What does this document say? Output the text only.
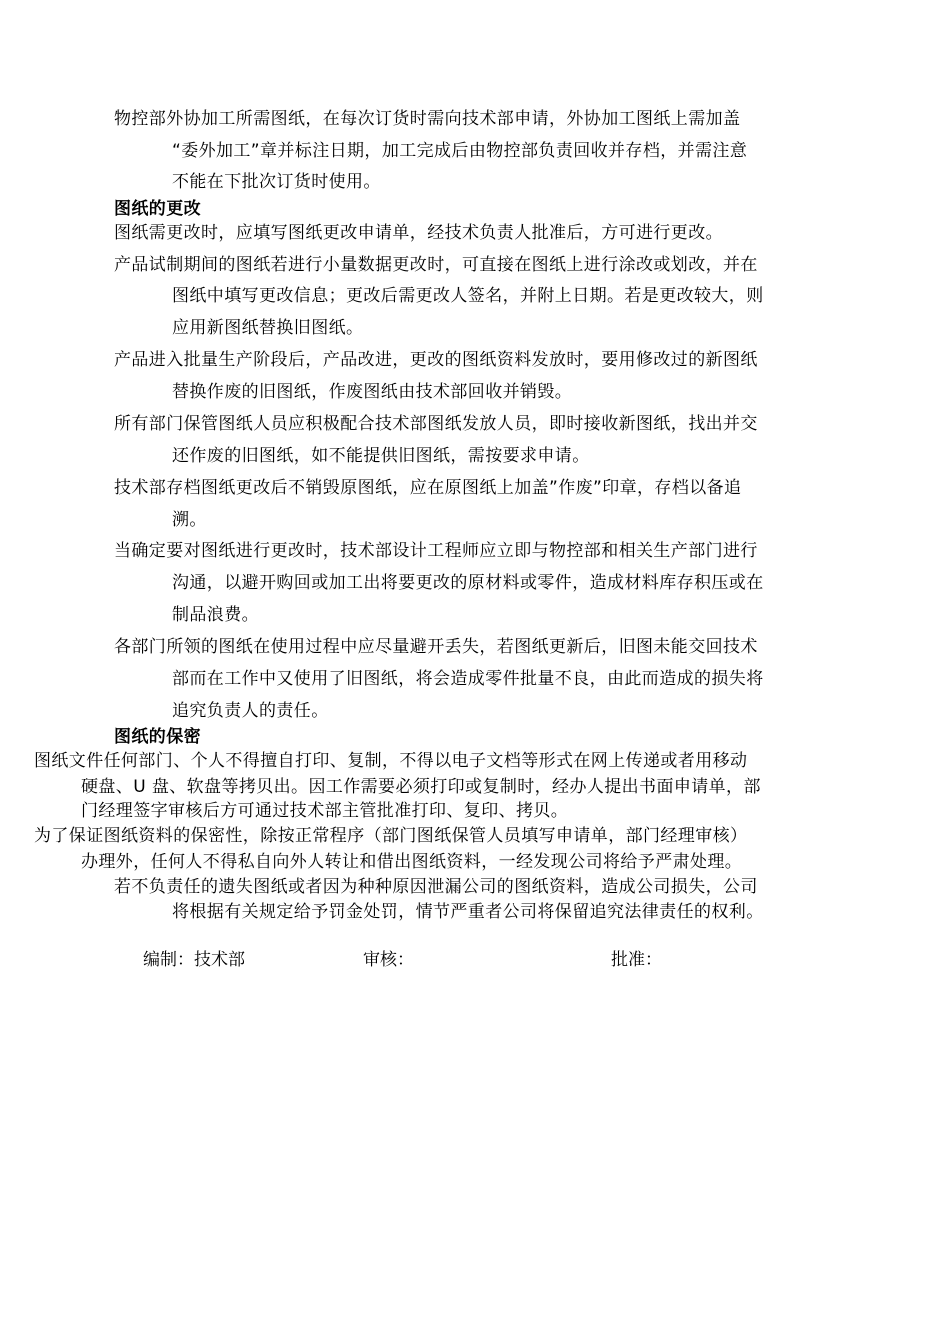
物控部外协加工所需图纸，在每次订货时需向技术部申请，外协加工图纸上需加盖
“委外加工”章并标注日期，加工完成后由物控部负责回收并存档，并需注意
不能在下批次订货时使用。
图纸的更改
图纸需更改时，应填写图纸更改申请单，经技术负责人批准后，方可进行更改。
产品试制期间的图纸若进行小量数据更改时，可直接在图纸上进行涂改或划改，并在
图纸中填写更改信息；更改后需更改人签名，并附上日期。若是更改较大，则
应用新图纸替换旧图纸。
产品进入批量生产阶段后，产品改进，更改的图纸资料发放时，要用修改过的新图纸
替换作废的旧图纸，作废图纸由技术部回收并销毁。
所有部门保管图纸人员应积极配合技术部图纸发放人员，即时接收新图纸，找出并交
还作废的旧图纸，如不能提供旧图纸，需按要求申请。
技术部存档图纸更改后不销毁原图纸，应在原图纸上加盖”作废”印章，存档以备追
溯。
当确定要对图纸进行更改时，技术部设计工程师应立即与物控部和相关生产部门进行
沟通，以避开购回或加工出将要更改的原材料或零件，造成材料库存积压或在
制品浪费。
各部门所领的图纸在使用过程中应尽量避开丢失，若图纸更新后，旧图未能交回技术
部而在工作中又使用了旧图纸，将会造成零件批量不良，由此而造成的损失将
追究负责人的责任。
图纸的保密
图纸文件任何部门、个人不得擅自打印、复制，不得以电子文档等形式在网上传递或者用移动
硬盘、U 盘、软盘等拷贝出。因工作需要必须打印或复制时，经办人提出书面申请单，部
门经理签字审核后方可通过技术部主管批准打印、复印、拷贝。
为了保证图纸资料的保密性，除按正常程序（部门图纸保管人员填写申请单，部门经理审核）
办理外，任何人不得私自向外人转让和借出图纸资料，一经发现公司将给予严肃处理。
若不负责任的遗失图纸或者因为种种原因泄漏公司的图纸资料，造成公司损失，公司
将根据有关规定给予罚金处罚，情节严重者公司将保留追究法律责任的权利。
编制：技术部	审核：	批准：
